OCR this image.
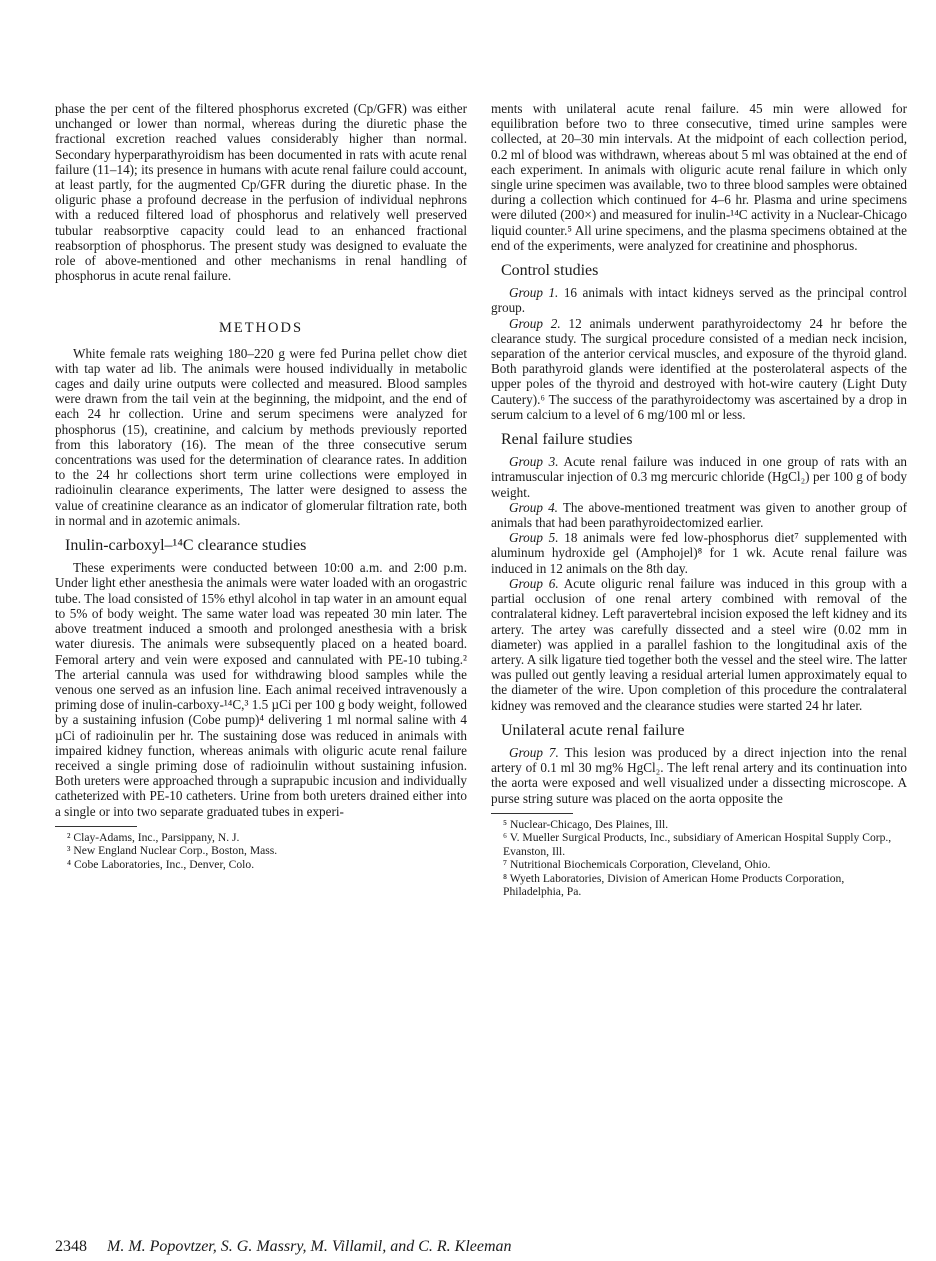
phase the per cent of the filtered phosphorus excreted (Cp/GFR) was either unchanged or lower than normal, whereas during the diuretic phase the fractional excretion reached values considerably higher than normal. Secondary hyperparathyroidism has been documented in rats with acute renal failure (11–14); its presence in humans with acute renal failure could account, at least partly, for the augmented Cp/GFR during the diuretic phase. In the oliguric phase a profound decrease in the perfusion of individual nephrons with a reduced filtered load of phosphorus and relatively well preserved tubular reabsorptive capacity could lead to an enhanced fractional reabsorption of phosphorus. The present study was designed to evaluate the role of above-mentioned and other mechanisms in renal handling of phosphorus in acute renal failure.

METHODS

White female rats weighing 180–220 g were fed Purina pellet chow diet with tap water ad lib. The animals were housed individually in metabolic cages and daily urine outputs were collected and measured. Blood samples were drawn from the tail vein at the beginning, the midpoint, and the end of each 24 hr collection. Urine and serum specimens were analyzed for phosphorus (15), creatinine, and calcium by methods previously reported from this laboratory (16). The mean of the three consecutive serum concentrations was used for the determination of clearance rates. In addition to the 24 hr collections short term urine collections were employed in radioinulin clearance experiments, The latter were designed to assess the value of creatinine clearance as an indicator of glomerular filtration rate, both in normal and in azotemic animals.

Inulin-carboxyl–¹⁴C clearance studies

These experiments were conducted between 10:00 a.m. and 2:00 p.m. Under light ether anesthesia the animals were water loaded with an orogastric tube. The load consisted of 15% ethyl alcohol in tap water in an amount equal to 5% of body weight. The same water load was repeated 30 min later. The above treatment induced a smooth and prolonged anesthesia with a brisk water diuresis. The animals were subsequently placed on a heated board. Femoral artery and vein were exposed and cannulated with PE-10 tubing.² The arterial cannula was used for withdrawing blood samples while the venous one served as an infusion line. Each animal received intravenously a priming dose of inulin-carboxy-¹⁴C,³ 1.5 µCi per 100 g body weight, followed by a sustaining infusion (Cobe pump)⁴ delivering 1 ml normal saline with 4 µCi of radioinulin per hr. The sustaining dose was reduced in animals with impaired kidney function, whereas animals with oliguric acute renal failure received a single priming dose of radioinulin without sustaining infusion. Both ureters were approached through a suprapubic incusion and individually catheterized with PE-10 catheters. Urine from both ureters drained either into a single or into two separate graduated tubes in experi-

² Clay-Adams, Inc., Parsippany, N. J.
³ New England Nuclear Corp., Boston, Mass.
⁴ Cobe Laboratories, Inc., Denver, Colo.

ments with unilateral acute renal failure. 45 min were allowed for equilibration before two to three consecutive, timed urine samples were collected, at 20–30 min intervals. At the midpoint of each collection period, 0.2 ml of blood was withdrawn, whereas about 5 ml was obtained at the end of each experiment. In animals with oliguric acute renal failure in which only single urine specimen was available, two to three blood samples were obtained during a collection which continued for 4–6 hr. Plasma and urine specimens were diluted (200×) and measured for inulin-¹⁴C activity in a Nuclear-Chicago liquid counter.⁵ All urine specimens, and the plasma specimens obtained at the end of the experiments, were analyzed for creatinine and phosphorus.

Control studies

Group 1. 16 animals with intact kidneys served as the principal control group.

Group 2. 12 animals underwent parathyroidectomy 24 hr before the clearance study. The surgical procedure consisted of a median neck incision, separation of the anterior cervical muscles, and exposure of the thyroid gland. Both parathyroid glands were identified at the posterolateral aspects of the upper poles of the thyroid and destroyed with hot-wire cautery (Light Duty Cautery).⁶ The success of the parathyroidectomy was ascertained by a drop in serum calcium to a level of 6 mg/100 ml or less.

Renal failure studies

Group 3. Acute renal failure was induced in one group of rats with an intramuscular injection of 0.3 mg mercuric chloride (HgCl₂) per 100 g of body weight.

Group 4. The above-mentioned treatment was given to another group of animals that had been parathyroidectomized earlier.

Group 5. 18 animals were fed low-phosphorus diet⁷ supplemented with aluminum hydroxide gel (Amphojel)⁸ for 1 wk. Acute renal failure was induced in 12 animals on the 8th day.

Group 6. Acute oliguric renal failure was induced in this group with a partial occlusion of one renal artery combined with removal of the contralateral kidney. Left paravertebral incision exposed the left kidney and its artery. The artey was carefully dissected and a steel wire (0.02 mm in diameter) was applied in a parallel fashion to the longitudinal axis of the artery. A silk ligature tied together both the vessel and the steel wire. The latter was pulled out gently leaving a residual arterial lumen approximately equal to the diameter of the wire. Upon completion of this procedure the contralateral kidney was removed and the clearance studies were started 24 hr later.

Unilateral acute renal failure

Group 7. This lesion was produced by a direct injection into the renal artery of 0.1 ml 30 mg% HgCl₂. The left renal artery and its continuation into the aorta were exposed and well visualized under a dissecting microscope. A purse string suture was placed on the aorta opposite the

⁵ Nuclear-Chicago, Des Plaines, Ill.
⁶ V. Mueller Surgical Products, Inc., subsidiary of American Hospital Supply Corp., Evanston, Ill.
⁷ Nutritional Biochemicals Corporation, Cleveland, Ohio.
⁸ Wyeth Laboratories, Division of American Home Products Corporation, Philadelphia, Pa.
2348 M. M. Popovtzer, S. G. Massry, M. Villamil, and C. R. Kleeman
